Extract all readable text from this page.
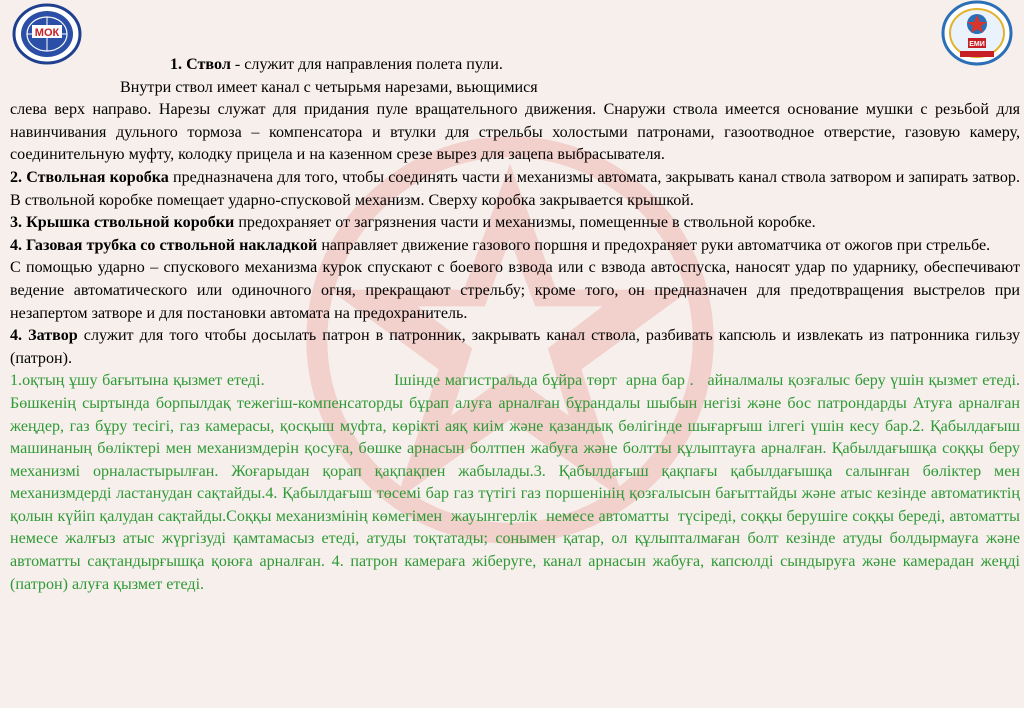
МОК
ЕМИ

1. Ствол - служит для направления полета пули.

Внутри ствол имеет канал с четырьмя нарезами, вьющимися

слева верх направо. Нарезы служат для придания пуле вращательного движения. Снаружи ствола имеется основание мушки с резьбой для навинчивания дульного тормоза – компенсатора и втулки для стрельбы холостыми патронами, газоотводное отверстие, газовую камеру, соединительную муфту, колодку прицела и на казенном срезе вырез для зацепа выбрасывателя.

2. Ствольная коробка предназначена для того, чтобы соединять части и механизмы автомата, закрывать канал ствола затвором и запирать затвор. В ствольной коробке помещает ударно-спусковой механизм. Сверху коробка закрывается крышкой.

3. Крышка ствольной коробки предохраняет от загрязнения части и механизмы, помещенные в ствольной коробке.

4. Газовая трубка со ствольной накладкой направляет движение газового поршня и предохраняет руки автоматчика от ожогов при стрельбе.

С помощью ударно – спускового механизма курок спускают с боевого взвода или с взвода автоспуска, наносят удар по ударнику, обеспечивают ведение автоматического или одиночного огня, прекращают стрельбу; кроме того, он предназначен для предотвращения выстрелов при незапертом затворе и для постановки автомата на предохранитель.

4. Затвор служит для того чтобы досылать патрон в патронник, закрывать канал ствола, разбивать капсюль и извлекать из патронника гильзу (патрон).

1.оқтың ұшу бағытына қызмет етеді.                            Ішінде магистральда бұйра төрт  арна бар .   айналмалы қозғалыс беру үшін қызмет етеді. Бөшкенің сыртында борпылдақ тежегіш-компенсаторды бұрап алуға арналған бұрандалы шыбын негізі және бос патрондарды Атуға арналған жеңдер, газ бұру тесігі, газ камерасы, қосқыш муфта, көрікті аяқ киім және қазандық бөлігінде шығарғыш ілгегі үшін кесу бар.2. Қабылдағыш машинаның бөліктері мен механизмдерін қосуға, бөшке арнасын болтпен жабуға және болтты құлыптауға арналған. Қабылдағышқа соққы беру механизмі орналастырылған. Жоғарыдан қорап қақпақпен жабылады.3. Қабылдағыш қақпағы қабылдағышқа салынған бөліктер мен механизмдерді ластанудан сақтайды.4. Қабылдағыш төсемі бар газ түтігі газ поршенінің қозғалысын бағыттайды және атыс кезінде автоматиктің қолын күйіп қалудан сақтайды.Соққы механизмінің көмегімен  жауынгерлік  немесе автоматты  түсіреді, соққы берушіге соққы береді, автоматты немесе жалғыз атыс жүргізуді қамтамасыз етеді, атуды тоқтатады; сонымен қатар, ол құлыпталмаған болт кезінде атуды болдырмауға және автоматты сақтандырғышқа қоюға арналған. 4. патрон камераға жіберуге, канал арнасын жабуға, капсюлді сындыруға және камерадан жеңді (патрон) алуға қызмет етеді.
